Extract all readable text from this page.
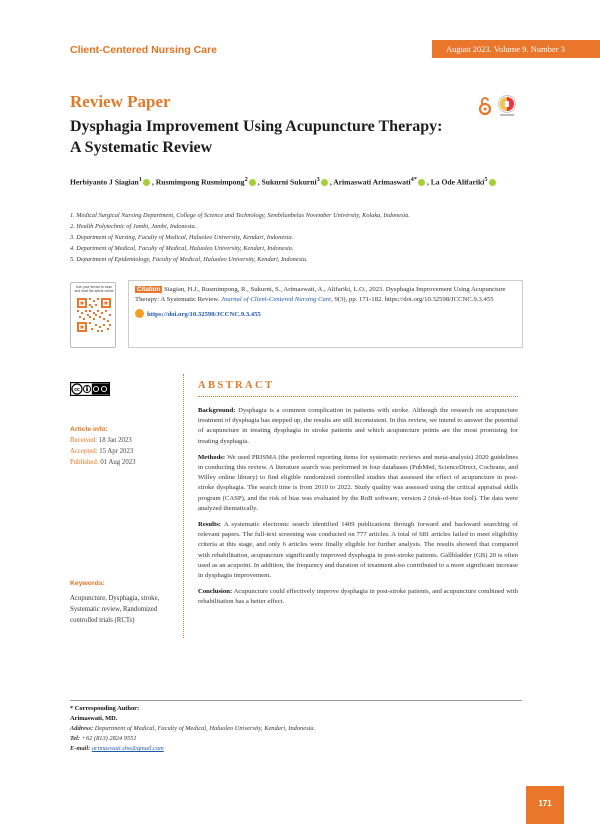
Client-Centered Nursing Care	August 2023. Volume 9. Number 3
Review Paper
Dysphagia Improvement Using Acupuncture Therapy:
A Systematic Review
Herbiyanto J Siagian$^1$ , Rusmimpong Rusmimpong$^2$ , Sukurni Sukurni$^3$ , Arimaswati Arimaswati$^{4*}$ , La Ode Alifariki$^5$
1. Medical Surgical Nursing Department, College of Science and Technology, Sembilanbelas November University, Kolaka, Indonesia.
2. Health Polytechnic of Jambi, Jambi, Indonesia.
3. Department of Nursing, Faculty of Medical, Haluoleo University, Kendari, Indonesia.
4. Department of Medical, Faculty of Medical, Haluoleo University, Kendari, Indonesia.
5. Department of Epidemiology, Faculty of Medical, Haluoleo University, Kendari, Indonesia.
Use your device to scan and read the article online	Citation Siagian, H.J., Rusmimpong, R., Sukurni, S., Arimaswati, A., Alifariki, L.O., 2023. Dysphagia Improvement Using Acupuncture Therapy: A Systematic Review. Journal of Client-Centered Nursing Care, 9(3), pp. 171-182. https://doi.org/10.32598/JCCNC.9.3.455
https://doi.org/10.32598/JCCNC.9.3.455
cc
Article info:
Received: 18 Jan 2023
Accepted: 15 Apr 2023
Published: 01 Aug 2023
Keywords:
Acupuncture, Dysphagia, stroke, Systematic review, Randomized controlled trials (RCTs)
ABSTRACT

Background: Dysphagia is a common complication in patients with stroke. Although the research on acupuncture treatment of dysphagia has stepped up, the results are still inconsistent. In this review, we intend to answer the potential of acupuncture in treating dysphagia in stroke patients and which acupuncture points are the most promising for treating dysphagia.

Methods: We used PRISMA (the preferred reporting items for systematic reviews and meta-analysis) 2020 guidelines in conducting this review. A literature search was performed in four databases (PubMed, ScienceDirect, Cochrane, and Willey online library) to find eligible randomized controlled studies that assessed the effect of acupuncture in post-stroke dysphagia. The search time is from 2010 to 2022. Study quality was assessed using the critical appraisal skills program (CASP), and the risk of bias was evaluated by the RoB software, version 2 (risk-of-bias tool). The data were analyzed thematically.

Results: A systematic electronic search identified 1409 publications through forward and backward searching of relevant papers. The full-text screening was conducted on 777 articles. A total of 681 articles failed to meet eligibility criteria at this stage, and only 6 articles were finally eligible for further analysis. The results showed that compared with rehabilitation, acupuncture significantly improved dysphagia in post-stroke patients. Gallbladder (GB) 20 is often used as an acupoint. In addition, the frequency and duration of treatment also contributed to a more significant increase in dysphagia improvement.

Conclusion: Acupuncture could effectively improve dysphagia in post-stroke patients, and acupuncture combined with rehabilitation has a better effect.

* Corresponding Author:
Arimaswati, MD.
Address: Department of Medical, Faculty of Medical, Haluoleo University, Kendari, Indonesia.
Tel: +62 (813) 2824 9551
E-mail: arimaswati.sho@gmail.com
171
